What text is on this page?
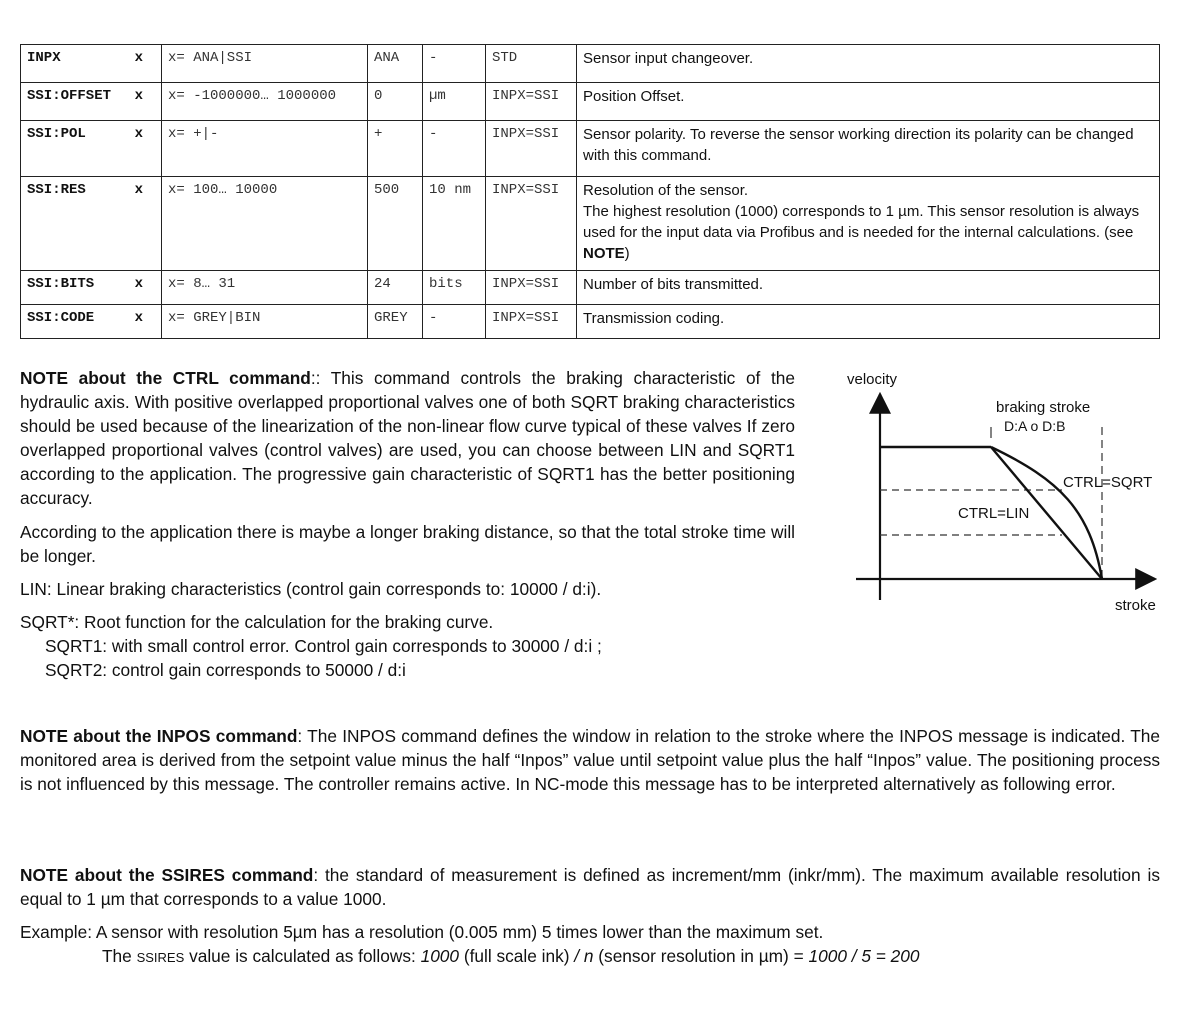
INPX x	x= ANA|SSI	ANA	-	STD	Sensor input changeover.
SSI:OFFSET x	x= -1000000… 1000000	0	µm	INPX=SSI	Position Offset.
SSI:POL x	x= +|-	+	-	INPX=SSI	Sensor polarity. To reverse the sensor working direction its polarity can be changed with this command.
SSI:RES x	x= 100… 10000	500	10 nm	INPX=SSI	Resolution of the sensor.
The highest resolution (1000) corresponds to 1 µm. This sensor resolution is always used for the input data via Profibus and is needed for the internal calculations. (see NOTE)
SSI:BITS x	x= 8… 31	24	bits	INPX=SSI	Number of bits transmitted.
SSI:CODE x	x= GREY|BIN	GREY	-	INPX=SSI	Transmission coding.

NOTE about the CTRL command:: This command controls the braking characteristic of the hydraulic axis. With positive overlapped proportional valves one of both SQRT braking characteristics should be used because of the linearization of the non-linear flow curve typical of these valves If zero overlapped proportional valves (control valves) are used, you can choose between LIN and SQRT1 according to the application. The progressive gain characteristic of SQRT1 has the better positioning accuracy.

According to the application there is maybe a longer braking distance, so that the total stroke time will be longer.

LIN: Linear braking characteristics (control gain corresponds to: 10000 / d:i).

SQRT*: Root function for the calculation for the braking curve.

SQRT1: with small control error. Control gain corresponds to 30000 / d:i ;

SQRT2: control gain corresponds to 50000 / d:i

velocity
stroke
braking stroke
D:A o D:B
CTRL=SQRT
CTRL=LIN

NOTE about the INPOS command: The INPOS command defines the window in relation to the stroke where the INPOS message is indicated. The monitored area is derived from the setpoint value minus the half “Inpos” value until setpoint value plus the half “Inpos” value. The positioning process is not influenced by this message. The controller remains active. In NC-mode this message has to be interpreted alternatively as following error.

NOTE about the SSIRES command: the standard of measurement is defined as increment/mm (inkr/mm). The maximum available resolution is equal to 1 µm that corresponds to a value 1000.

Example: A sensor with resolution 5µm has a resolution (0.005 mm) 5 times lower than the maximum set.

The SSIRES value is calculated as follows: 1000 (full scale ink) / n (sensor resolution in µm) = 1000 / 5 = 200
